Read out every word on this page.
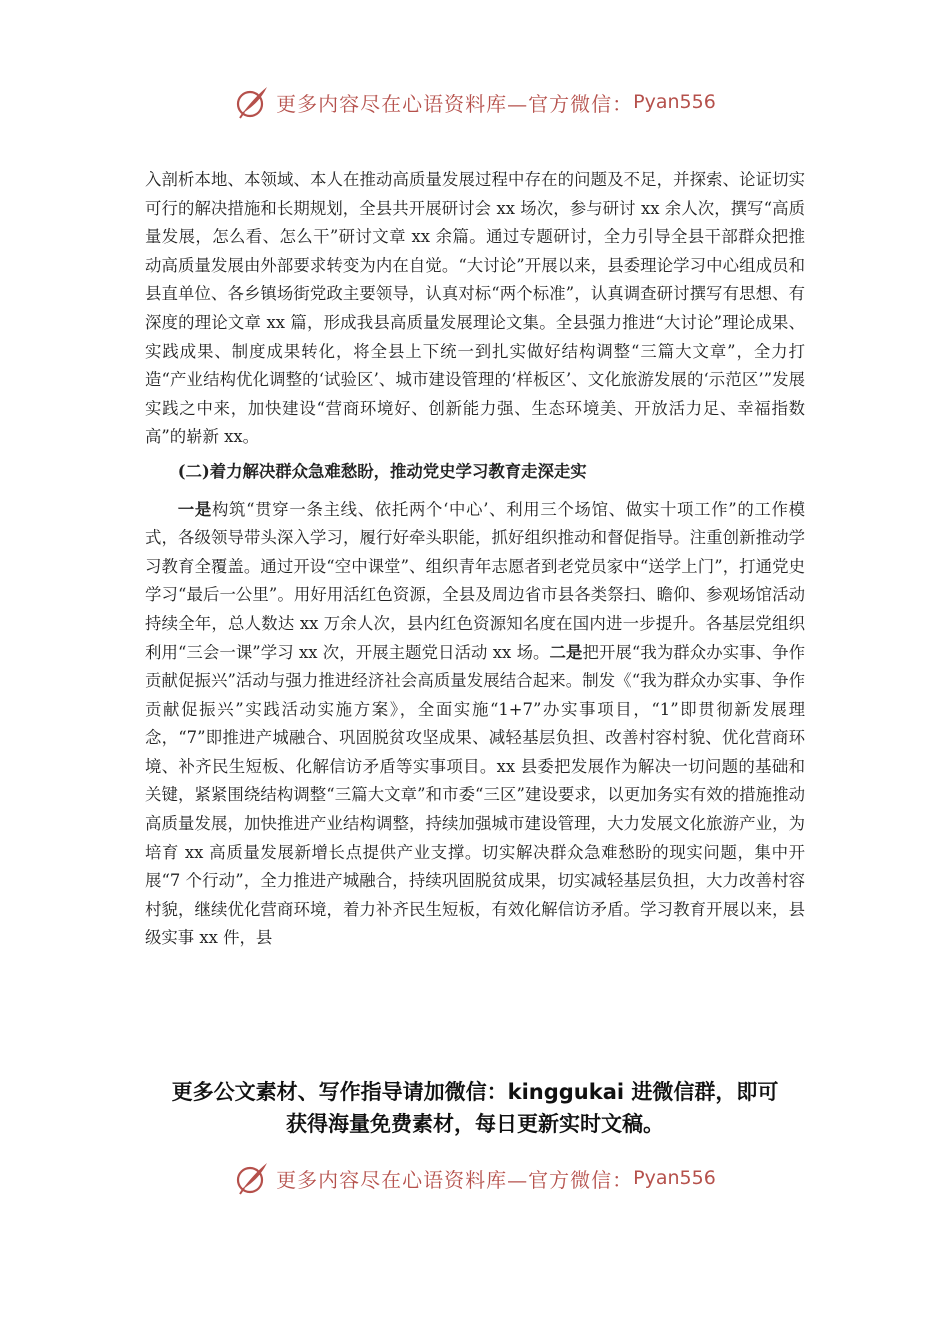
更多内容尽在心语资料库—官方微信： Pyan556

入剖析本地、本领域、本人在推动高质量发展过程中存在的问题及不足，并探索、论证切实可行的解决措施和长期规划，全县共开展研讨会 xx 场次，参与研讨 xx 余人次，撰写“高质量发展，怎么看、怎么干”研讨文章 xx 余篇。通过专题研讨，全力引导全县干部群众把推动高质量发展由外部要求转变为内在自觉。“大讨论”开展以来，县委理论学习中心组成员和县直单位、各乡镇场街党政主要领导，认真对标“两个标准”，认真调查研讨撰写有思想、有深度的理论文章 xx 篇，形成我县高质量发展理论文集。全县强力推进“大讨论”理论成果、实践成果、制度成果转化，将全县上下统一到扎实做好结构调整“三篇大文章”，全力打造“产业结构优化调整的‘试验区’、城市建设管理的‘样板区’、文化旅游发展的‘示范区’”发展实践之中来，加快建设“营商环境好、创新能力强、生态环境美、开放活力足、幸福指数高”的崭新 xx。

(二)着力解决群众急难愁盼，推动党史学习教育走深走实

一是构筑“贯穿一条主线、依托两个‘中心’、利用三个场馆、做实十项工作”的工作模式，各级领导带头深入学习，履行好牵头职能，抓好组织推动和督促指导。注重创新推动学习教育全覆盖。通过开设“空中课堂”、组织青年志愿者到老党员家中“送学上门”，打通党史学习“最后一公里”。用好用活红色资源，全县及周边省市县各类祭扫、瞻仰、参观场馆活动持续全年，总人数达 xx 万余人次，县内红色资源知名度在国内进一步提升。各基层党组织利用“三会一课”学习 xx 次，开展主题党日活动 xx 场。二是把开展“我为群众办实事、争作贡献促振兴”活动与强力推进经济社会高质量发展结合起来。制发《“我为群众办实事、争作贡献促振兴”实践活动实施方案》，全面实施“1+7”办实事项目，“1”即贯彻新发展理念，“7”即推进产城融合、巩固脱贫攻坚成果、减轻基层负担、改善村容村貌、优化营商环境、补齐民生短板、化解信访矛盾等实事项目。xx 县委把发展作为解决一切问题的基础和关键，紧紧围绕结构调整“三篇大文章”和市委“三区”建设要求，以更加务实有效的措施推动高质量发展，加快推进产业结构调整，持续加强城市建设管理，大力发展文化旅游产业，为培育 xx 高质量发展新增长点提供产业支撑。切实解决群众急难愁盼的现实问题，集中开展“7 个行动”，全力推进产城融合，持续巩固脱贫成果，切实减轻基层负担，大力改善村容村貌，继续优化营商环境，着力补齐民生短板，有效化解信访矛盾。学习教育开展以来，县级实事 xx 件，县

更多公文素材、写作指导请加微信：kinggukai 进微信群，即可
获得海量免费素材，每日更新实时文稿。
更多内容尽在心语资料库—官方微信： Pyan556
